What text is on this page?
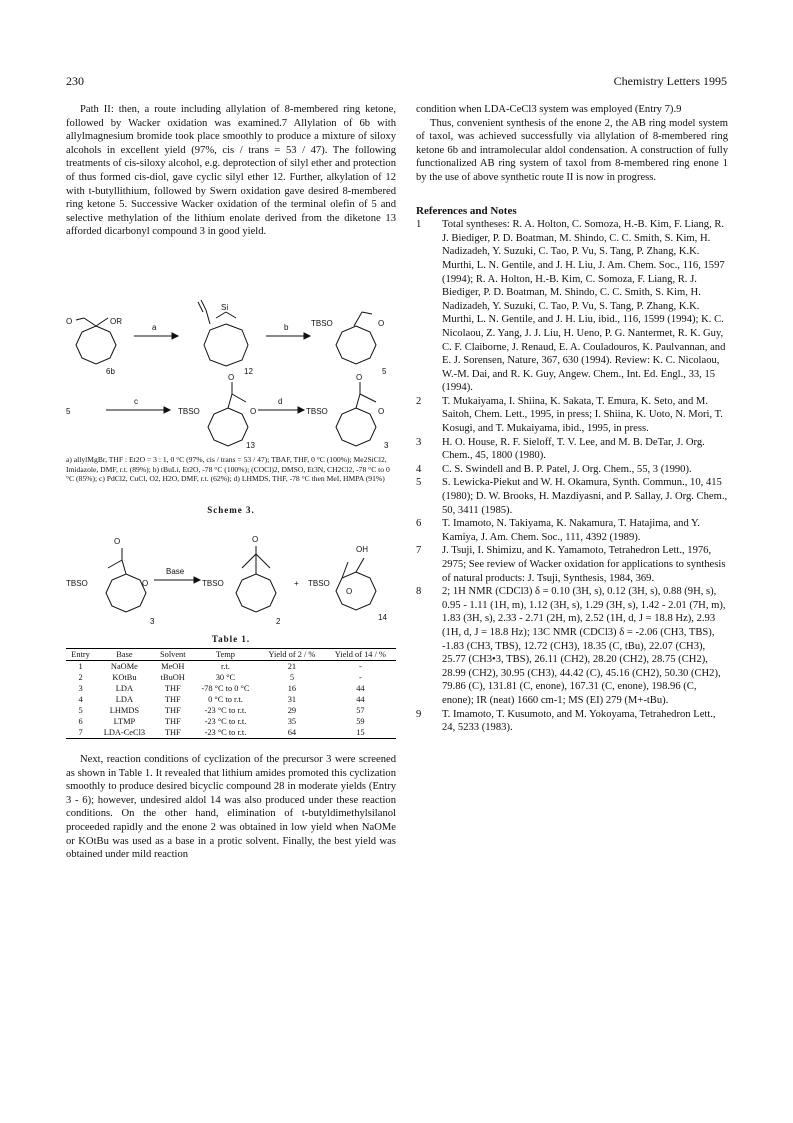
230	Chemistry Letters 1995

Path II: then, a route including allylation of 8-membered ring ketone, followed by Wacker oxidation was examined.7 Allylation of 6b with allylmagnesium bromide took place smoothly to produce a mixture of siloxy alcohols in excellent yield (97%, cis / trans = 53 / 47). The following treatments of cis-siloxy alcohol, e.g. deprotection of silyl ether and protection of thus formed cis-diol, gave cyclic silyl ether 12. Further, alkylation of 12 with t-butyllithium, followed by Swern oxidation gave desired 8-membered ring ketone 5. Successive Wacker oxidation of the terminal olefin of 5 and selective methylation of the lithium enolate derived from the diketone 13 afforded dicarbonyl compound 3 in good yield.

O	OR
6b
a
Si
12
b	TBSO	O
5
5
c
TBSO
O
O
13
d
TBSO
O
O
3
a) allylMgBr, THF : Et2O = 3 : 1, 0 °C (97%, cis / trans = 53 / 47); TBAF, THF, 0 °C (100%); Me2SiCl2, Imidazole, DMF, r.t. (89%); b) tBuLi, Et2O, -78 °C (100%); (COCl)2, DMSO, Et3N, CH2Cl2, -78 °C to 0 °C (85%); c) PdCl2, CuCl, O2, H2O, DMF, r.t. (62%); d) LHMDS, THF, -78 °C then MeI, HMPA (91%)
Scheme 3.
O
TBSO	O
3
Base
O
TBSO
2
+ TBSO
OH
O
14
Table 1.
Entry	Base	Solvent	Temp	Yield of 2 / %	Yield of 14 / %
1	NaOMe	MeOH	r.t.	21	-
2	KOtBu	tBuOH	30 °C	5	-
3	LDA	THF	-78 °C to 0 °C	16	44
4	LDA	THF	0 °C to r.t.	31	44
5	LHMDS	THF	-23 °C to r.t.	29	57
6	LTMP	THF	-23 °C to r.t.	35	59
7	LDA-CeCl3	THF	-23 °C to r.t.	64	15

Next, reaction conditions of cyclization of the precursor 3 were screened as shown in Table 1. It revealed that lithium amides promoted this cyclization smoothly to produce desired bicyclic compound 28 in moderate yields (Entry 3 - 6); however, undesired aldol 14 was also produced under these reaction conditions. On the other hand, elimination of t-butyldimethylsilanol proceeded rapidly and the enone 2 was obtained in low yield when NaOMe or KOtBu was used as a base in a protic solvent. Finally, the best yield was obtained under mild reaction

condition when LDA-CeCl3 system was employed (Entry 7).9

Thus, convenient synthesis of the enone 2, the AB ring model system of taxol, was achieved successfully via allylation of 8-membered ring ketone 6b and intramolecular aldol condensation. A construction of fully functionalized AB ring system of taxol from 8-membered ring enone 1 by the use of above synthetic route II is now in progress.

References and Notes

1	Total syntheses: R. A. Holton, C. Somoza, H.-B. Kim, F. Liang, R. J. Biediger, P. D. Boatman, M. Shindo, C. C. Smith, S. Kim, H. Nadizadeh, Y. Suzuki, C. Tao, P. Vu, S. Tang, P. Zhang, K.K. Murthi, L. N. Gentile, and J. H. Liu, J. Am. Chem. Soc., 116, 1597 (1994); R. A. Holton, H.-B. Kim, C. Somoza, F. Liang, R. J. Biediger, P. D. Boatman, M. Shindo, C. C. Smith, S. Kim, H. Nadizadeh, Y. Suzuki, C. Tao, P. Vu, S. Tang, P. Zhang, K.K. Murthi, L. N. Gentile, and J. H. Liu, ibid., 116, 1599 (1994); K. C. Nicolaou, Z. Yang, J. J. Liu, H. Ueno, P. G. Nantermet, R. K. Guy, C. F. Claiborne, J. Renaud, E. A. Couladouros, K. Paulvannan, and E. J. Sorensen, Nature, 367, 630 (1994). Review: K. C. Nicolaou, W.-M. Dai, and R. K. Guy, Angew. Chem., Int. Ed. Engl., 33, 15 (1994).
2	T. Mukaiyama, I. Shiina, K. Sakata, T. Emura, K. Seto, and M. Saitoh, Chem. Lett., 1995, in press; I. Shiina, K. Uoto, N. Mori, T. Kosugi, and T. Mukaiyama, ibid., 1995, in press.
3	H. O. House, R. F. Sieloff, T. V. Lee, and M. B. DeTar, J. Org. Chem., 45, 1800 (1980).
4	C. S. Swindell and B. P. Patel, J. Org. Chem., 55, 3 (1990).
5	S. Lewicka-Piekut and W. H. Okamura, Synth. Commun., 10, 415 (1980); D. W. Brooks, H. Mazdiyasni, and P. Sallay, J. Org. Chem., 50, 3411 (1985).
6	T. Imamoto, N. Takiyama, K. Nakamura, T. Hatajima, and Y. Kamiya, J. Am. Chem. Soc., 111, 4392 (1989).
7	J. Tsuji, I. Shimizu, and K. Yamamoto, Tetrahedron Lett., 1976, 2975; See review of Wacker oxidation for applications to synthesis of natural products: J. Tsuji, Synthesis, 1984, 369.
8	2; 1H NMR (CDCl3) δ = 0.10 (3H, s), 0.12 (3H, s), 0.88 (9H, s), 0.95 - 1.11 (1H, m), 1.12 (3H, s), 1.29 (3H, s), 1.42 - 2.01 (7H, m), 1.83 (3H, s), 2.33 - 2.71 (2H, m), 2.52 (1H, d, J = 18.8 Hz), 2.93 (1H, d, J = 18.8 Hz); 13C NMR (CDCl3) δ = -2.06 (CH3, TBS), -1.83 (CH3, TBS), 12.72 (CH3), 18.35 (C, tBu), 22.07 (CH3), 25.77 (CH3•3, TBS), 26.11 (CH2), 28.20 (CH2), 28.75 (CH2), 28.99 (CH2), 30.95 (CH3), 44.42 (C), 45.16 (CH2), 50.30 (CH2), 79.86 (C), 131.81 (C, enone), 167.31 (C, enone), 198.96 (C, enone); IR (neat) 1660 cm-1; MS (EI) 279 (M+-tBu).
9	T. Imamoto, T. Kusumoto, and M. Yokoyama, Tetrahedron Lett., 24, 5233 (1983).
